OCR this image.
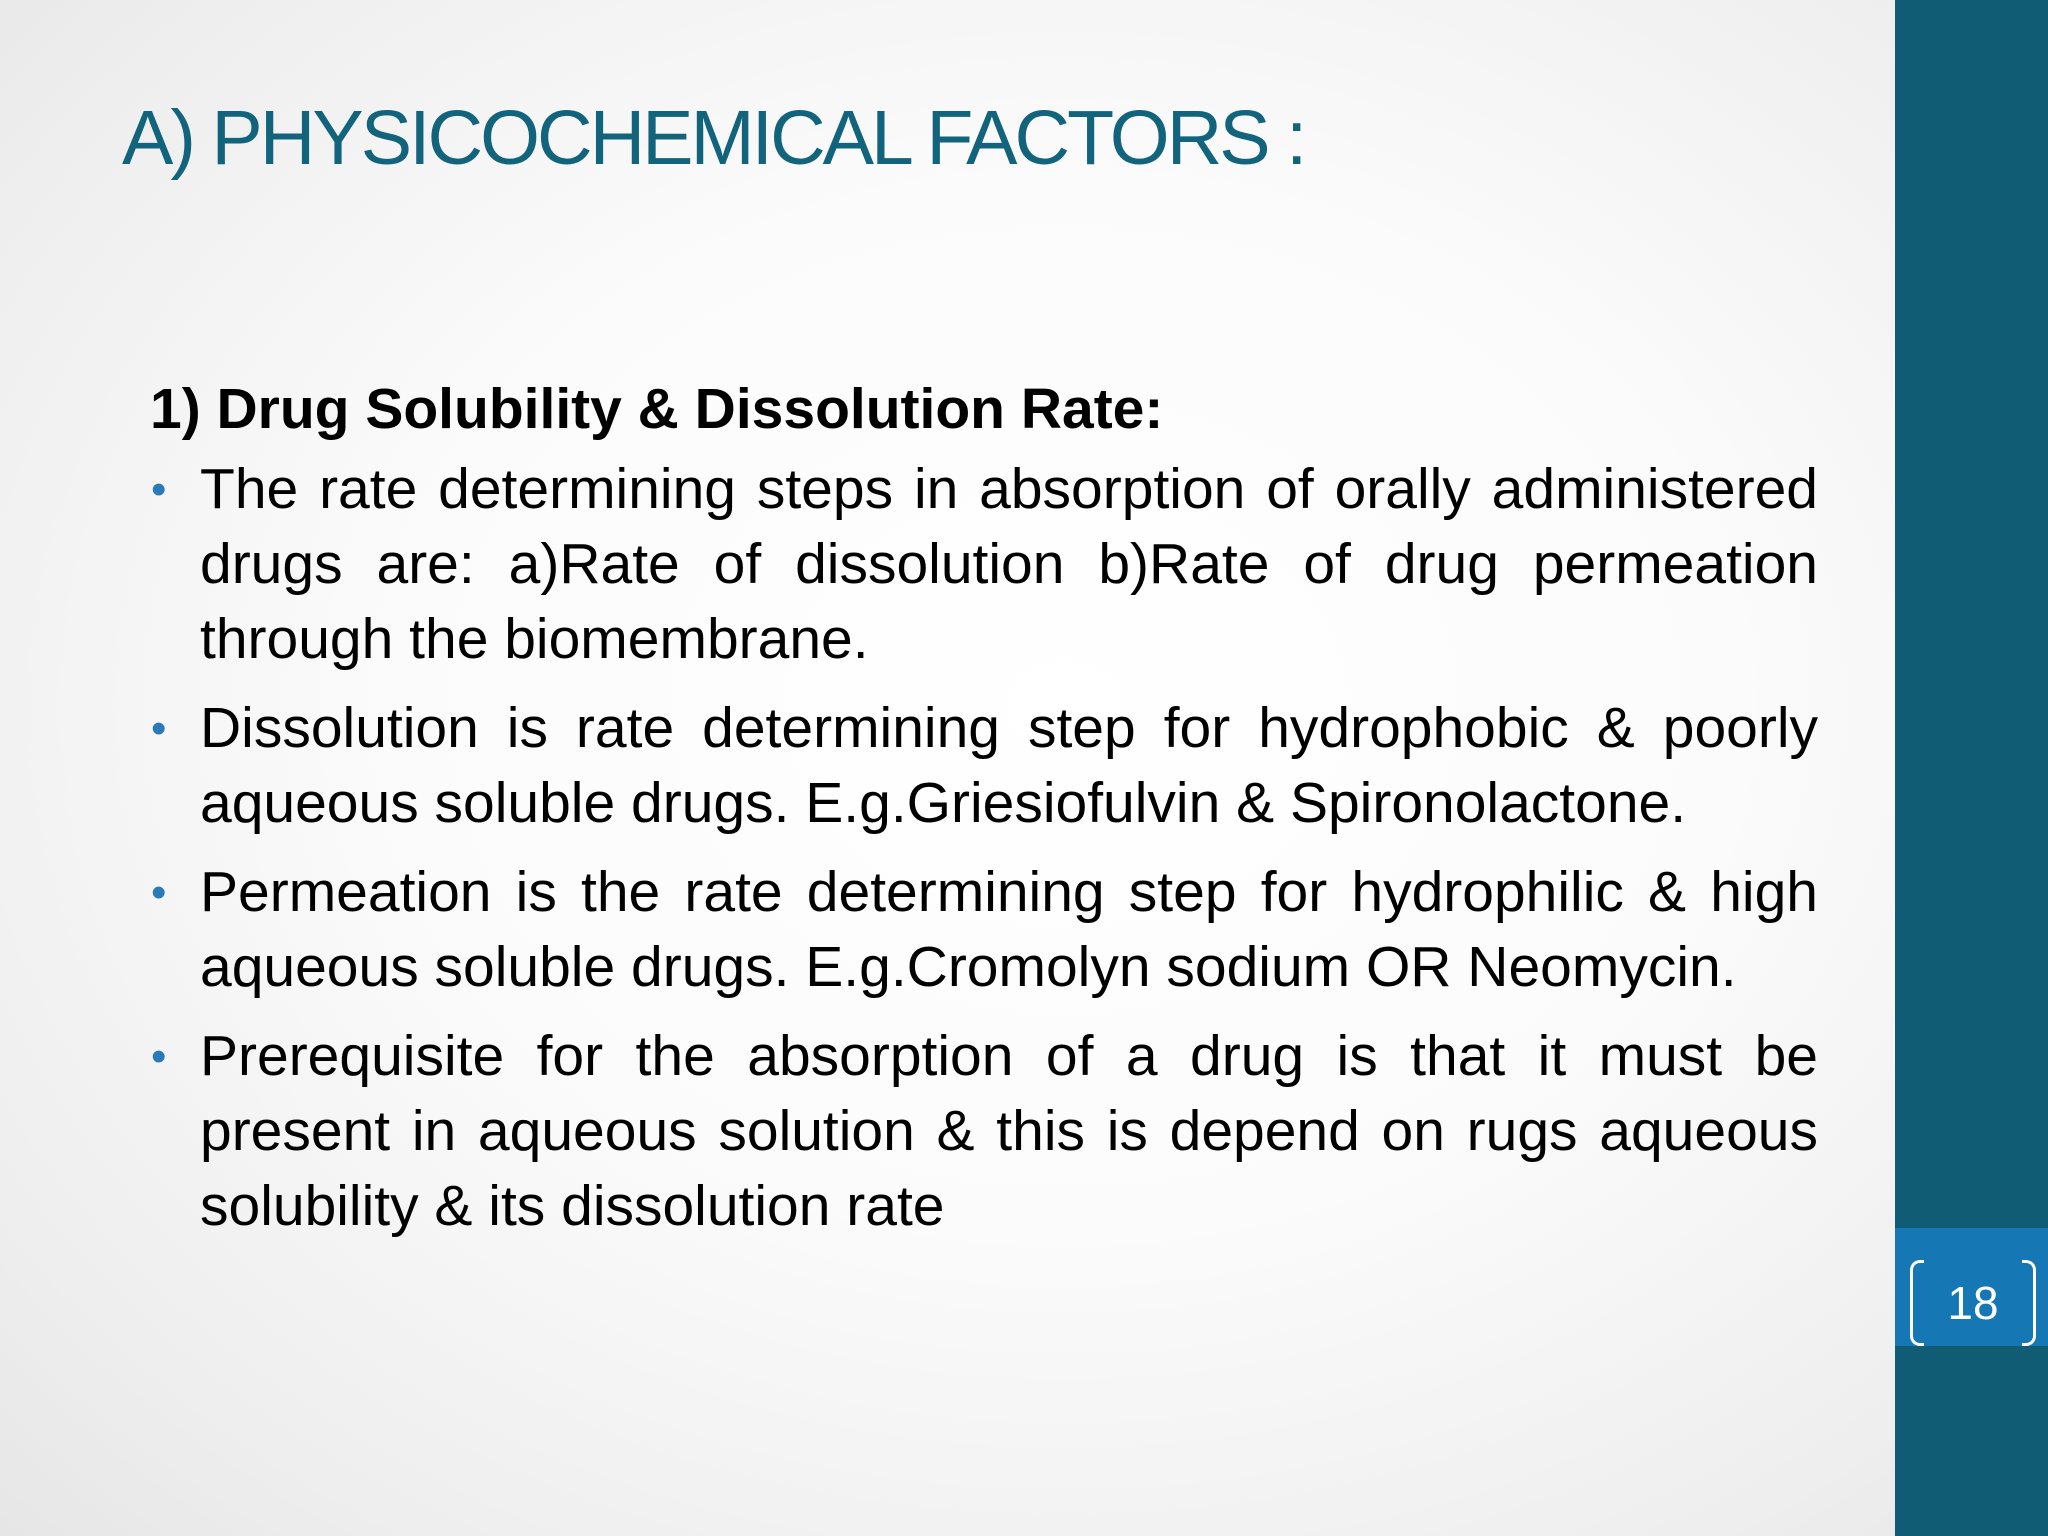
A) PHYSICOCHEMICAL FACTORS :
1) Drug Solubility & Dissolution Rate:
• The rate determining steps in absorption of orally administered drugs are: a)Rate of dissolution b)Rate of drug permeation through the biomembrane.
• Dissolution is rate determining step for hydrophobic & poorly aqueous soluble drugs. E.g.Griesiofulvin & Spironolactone.
• Permeation is the rate determining step for hydrophilic & high aqueous soluble drugs. E.g.Cromolyn sodium OR Neomycin.
• Prerequisite for the absorption of a drug is that it must be present in aqueous solution & this is depend on rugs aqueous solubility & its dissolution rate
18
